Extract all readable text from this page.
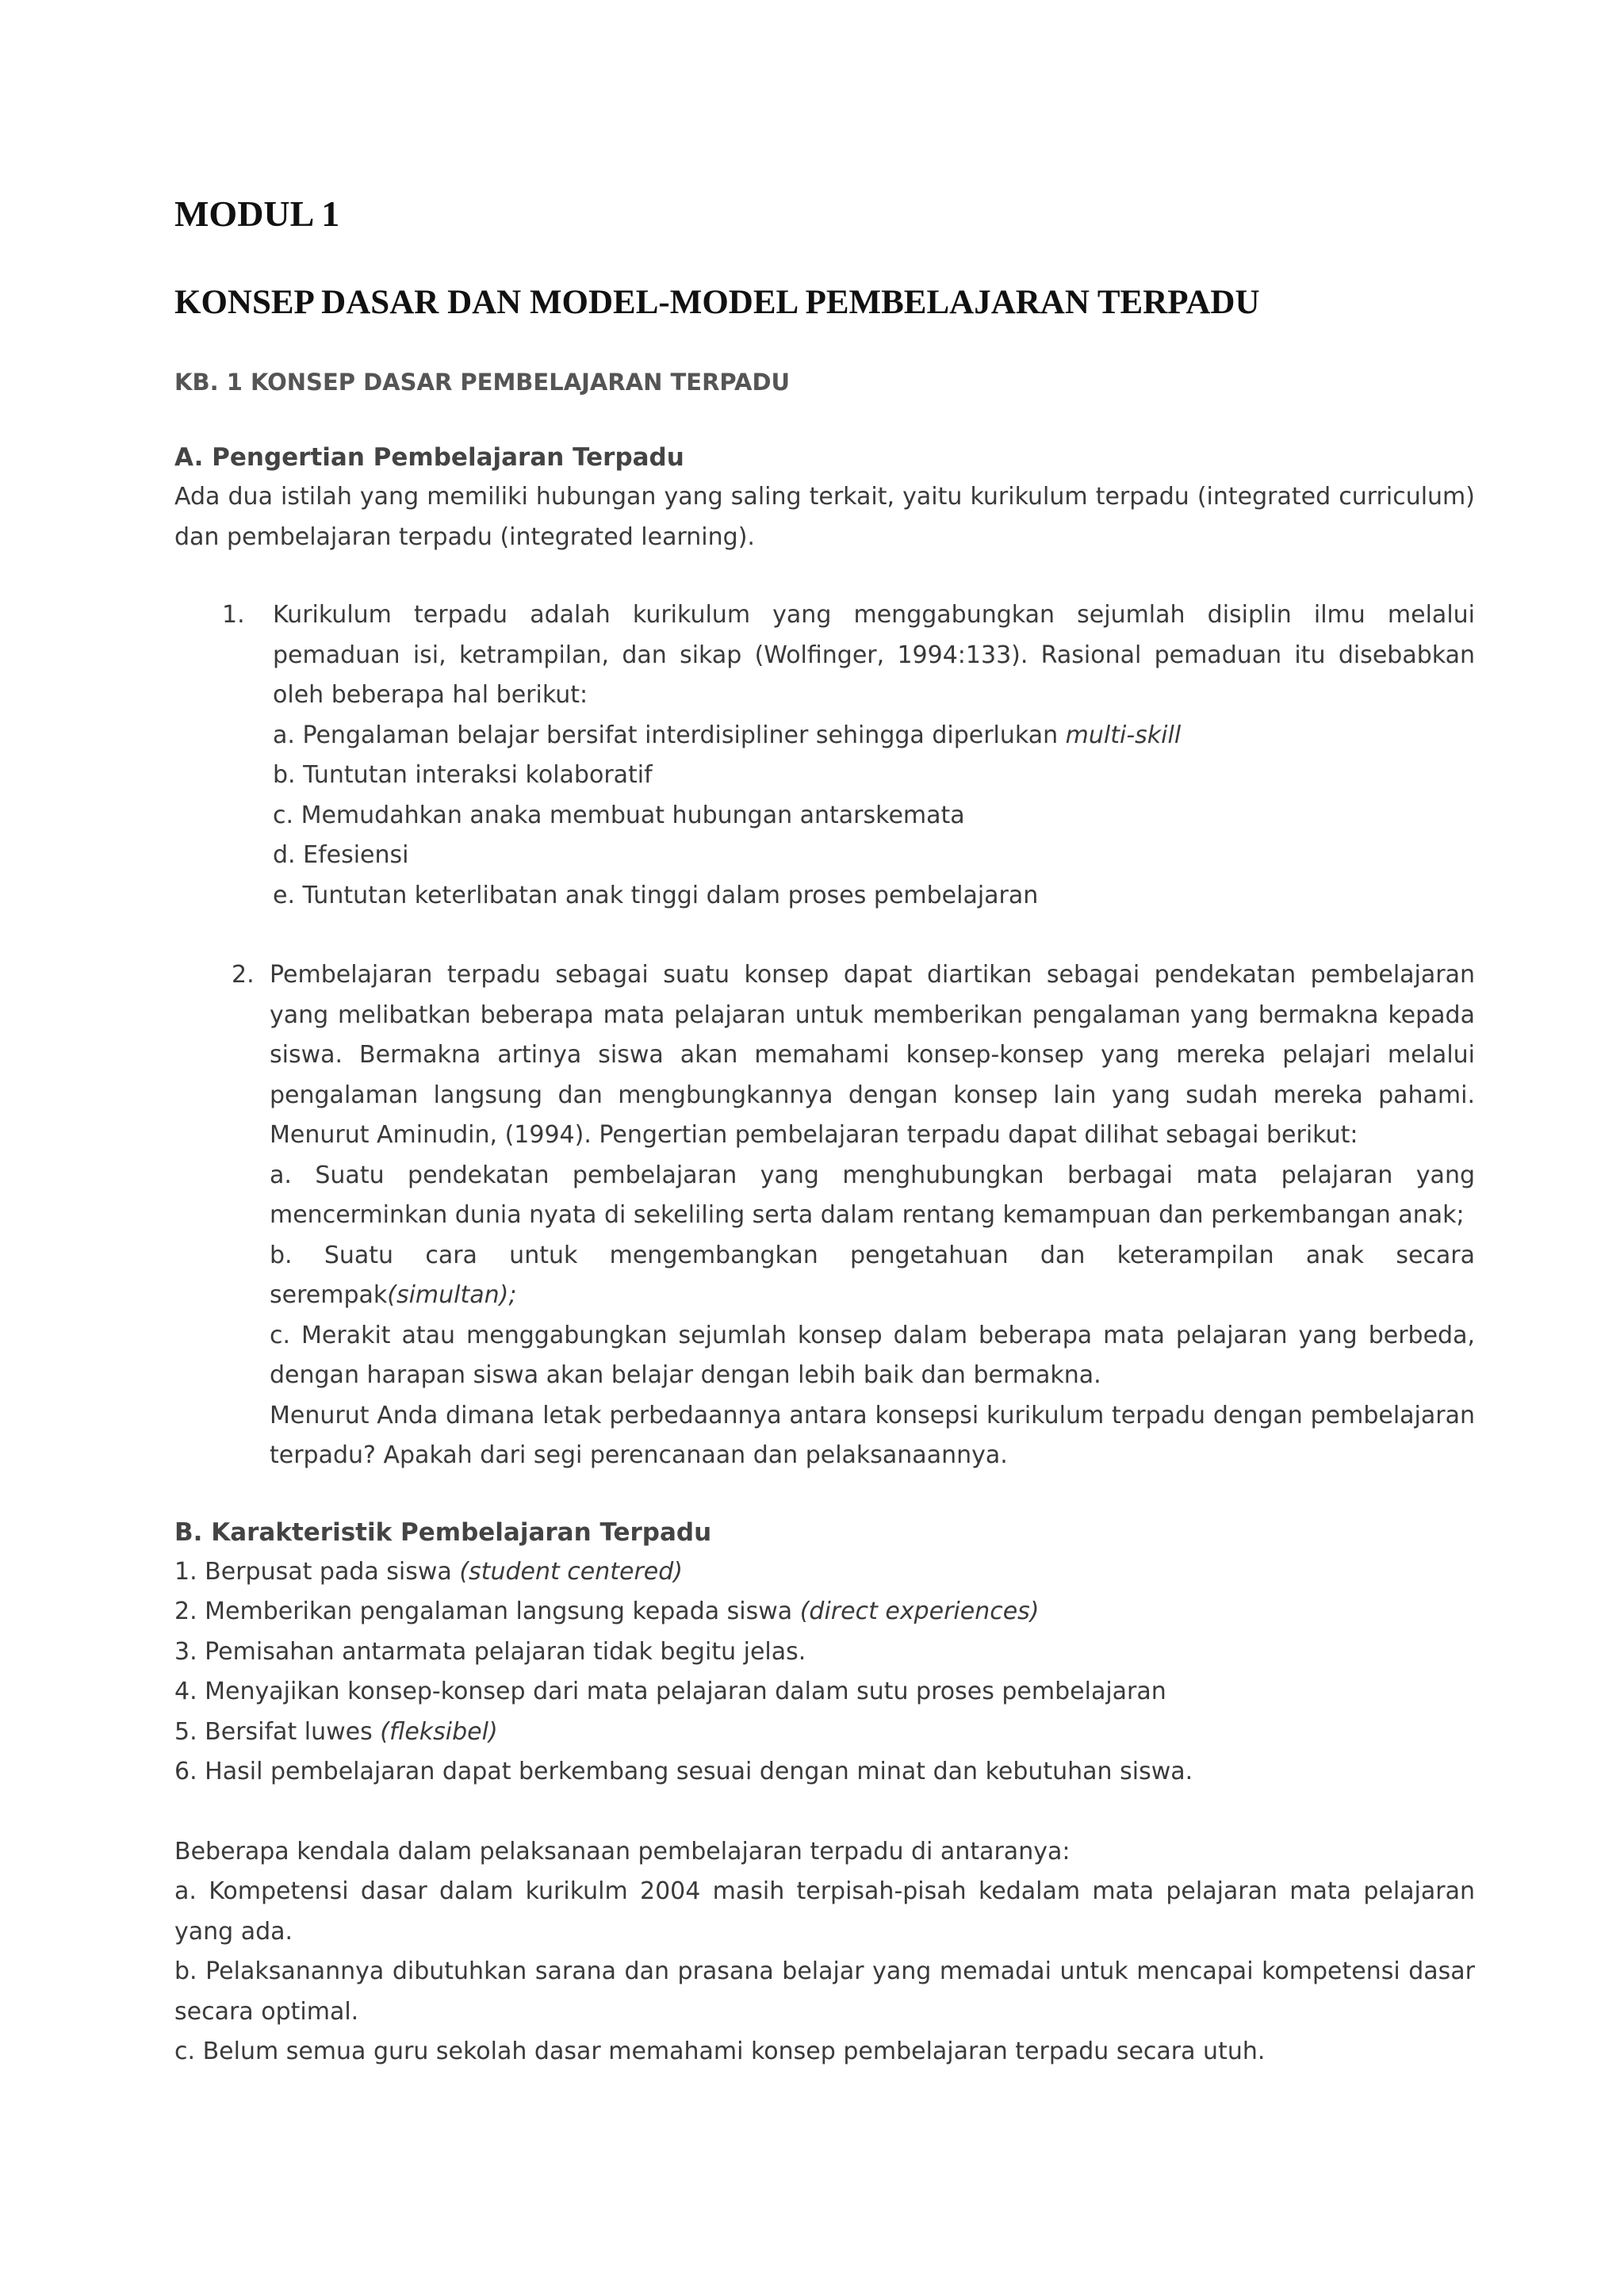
MODUL 1
KONSEP DASAR DAN MODEL-MODEL PEMBELAJARAN TERPADU
KB. 1 KONSEP DASAR PEMBELAJARAN TERPADU
A. Pengertian Pembelajaran Terpadu

Ada dua istilah yang memiliki hubungan yang saling terkait, yaitu kurikulum terpadu (integrated curriculum) dan pembelajaran terpadu (integrated learning).

1. Kurikulum terpadu adalah kurikulum yang menggabungkan sejumlah disiplin ilmu melalui pemaduan isi, ketrampilan, dan sikap (Wolfinger, 1994:133). Rasional pemaduan itu disebabkan oleh beberapa hal berikut:

a. Pengalaman belajar bersifat interdisipliner sehingga diperlukan multi-skill
b. Tuntutan interaksi kolaboratif
c. Memudahkan anaka membuat hubungan antarskemata
d. Efesiensi
e. Tuntutan keterlibatan anak tinggi dalam proses pembelajaran
2. Pembelajaran terpadu sebagai suatu konsep dapat diartikan sebagai pendekatan pembelajaran yang melibatkan beberapa mata pelajaran untuk memberikan pengalaman yang bermakna kepada siswa. Bermakna artinya siswa akan memahami konsep-konsep yang mereka pelajari melalui pengalaman langsung dan mengbungkannya dengan konsep lain yang sudah mereka pahami. Menurut Aminudin, (1994). Pengertian pembelajaran terpadu dapat dilihat sebagai berikut:

a. Suatu pendekatan pembelajaran yang menghubungkan berbagai mata pelajaran yang mencerminkan dunia nyata di sekeliling serta dalam rentang kemampuan dan perkembangan anak;

b. Suatu cara untuk mengembangkan pengetahuan dan keterampilan anak secara serempak(simultan);

c. Merakit atau menggabungkan sejumlah konsep dalam beberapa mata pelajaran yang berbeda, dengan harapan siswa akan belajar dengan lebih baik dan bermakna.

Menurut Anda dimana letak perbedaannya antara konsepsi kurikulum terpadu dengan pembelajaran terpadu? Apakah dari segi perencanaan dan pelaksanaannya.

B. Karakteristik Pembelajaran Terpadu
1. Berpusat pada siswa (student centered)
2. Memberikan pengalaman langsung kepada siswa (direct experiences)
3. Pemisahan antarmata pelajaran tidak begitu jelas.
4. Menyajikan konsep-konsep dari mata pelajaran dalam sutu proses pembelajaran
5. Bersifat luwes (fleksibel)
6. Hasil pembelajaran dapat berkembang sesuai dengan minat dan kebutuhan siswa.

Beberapa kendala dalam pelaksanaan pembelajaran terpadu di antaranya:

a. Kompetensi dasar dalam kurikulm 2004 masih terpisah-pisah kedalam mata pelajaran mata pelajaran yang ada.

b. Pelaksanannya dibutuhkan sarana dan prasana belajar yang memadai untuk mencapai kompetensi dasar secara optimal.

c. Belum semua guru sekolah dasar memahami konsep pembelajaran terpadu secara utuh.
